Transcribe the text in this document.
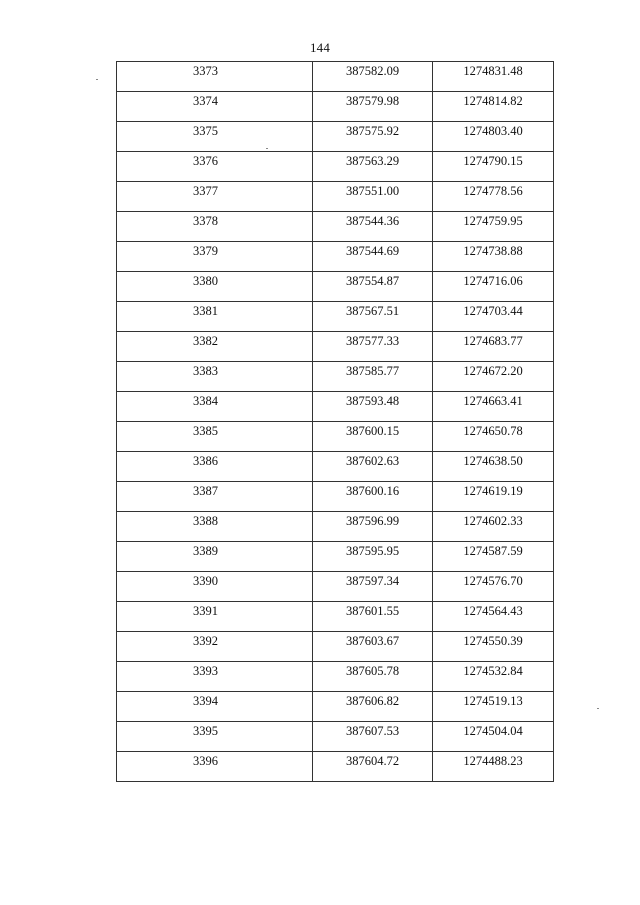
144
3373	387582.09	1274831.48
3374	387579.98	1274814.82
3375	387575.92	1274803.40
3376	387563.29	1274790.15
3377	387551.00	1274778.56
3378	387544.36	1274759.95
3379	387544.69	1274738.88
3380	387554.87	1274716.06
3381	387567.51	1274703.44
3382	387577.33	1274683.77
3383	387585.77	1274672.20
3384	387593.48	1274663.41
3385	387600.15	1274650.78
3386	387602.63	1274638.50
3387	387600.16	1274619.19
3388	387596.99	1274602.33
3389	387595.95	1274587.59
3390	387597.34	1274576.70
3391	387601.55	1274564.43
3392	387603.67	1274550.39
3393	387605.78	1274532.84
3394	387606.82	1274519.13
3395	387607.53	1274504.04
3396	387604.72	1274488.23
